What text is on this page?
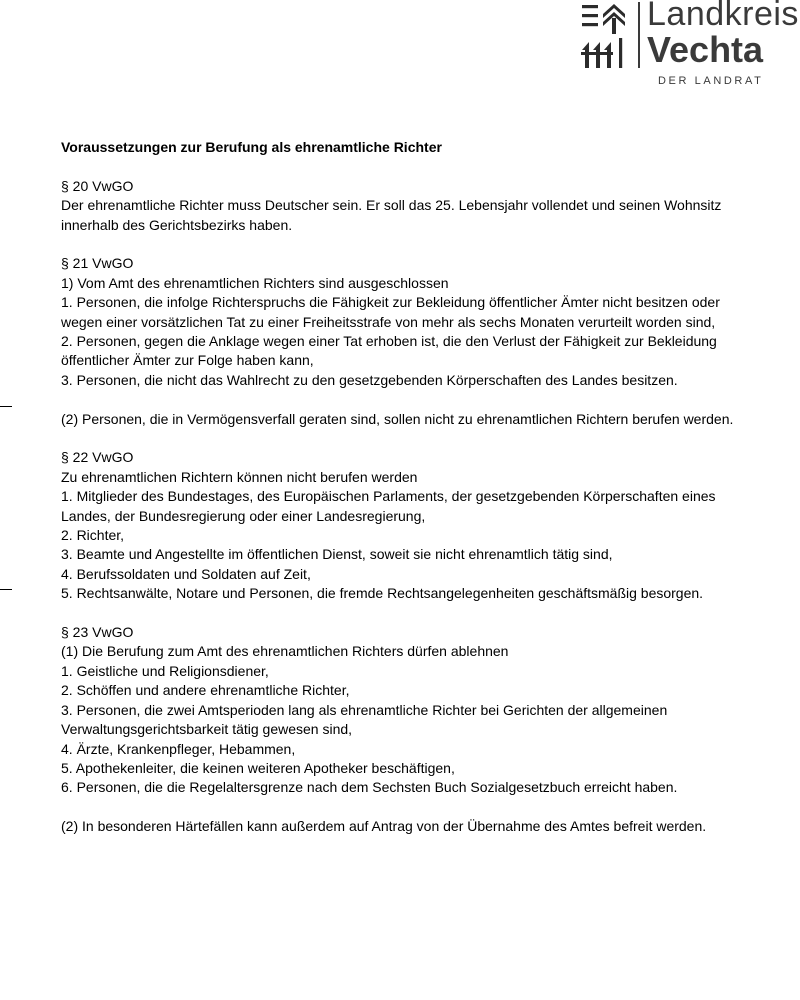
Landkreis
Vechta
DER LANDRAT

Voraussetzungen zur Berufung als ehrenamtliche Richter

§ 20 VwGO

Der ehrenamtliche Richter muss Deutscher sein. Er soll das 25. Lebensjahr vollendet und seinen Wohnsitz innerhalb des Gerichtsbezirks haben.

§ 21 VwGO

1) Vom Amt des ehrenamtlichen Richters sind ausgeschlossen

1. Personen, die infolge Richterspruchs die Fähigkeit zur Bekleidung öffentlicher Ämter nicht besitzen oder wegen einer vorsätzlichen Tat zu einer Freiheitsstrafe von mehr als sechs Monaten verurteilt worden sind,

2. Personen, gegen die Anklage wegen einer Tat erhoben ist, die den Verlust der Fähigkeit zur Bekleidung öffentlicher Ämter zur Folge haben kann,

3. Personen, die nicht das Wahlrecht zu den gesetzgebenden Körperschaften des Landes besitzen.

(2) Personen, die in Vermögensverfall geraten sind, sollen nicht zu ehrenamtlichen Richtern berufen werden.

§ 22 VwGO

Zu ehrenamtlichen Richtern können nicht berufen werden

1. Mitglieder des Bundestages, des Europäischen Parlaments, der gesetzgebenden Körperschaften eines Landes, der Bundesregierung oder einer Landesregierung,

2. Richter,

3. Beamte und Angestellte im öffentlichen Dienst, soweit sie nicht ehrenamtlich tätig sind,

4. Berufssoldaten und Soldaten auf Zeit,

5. Rechtsanwälte, Notare und Personen, die fremde Rechtsangelegenheiten geschäftsmäßig besorgen.

§ 23 VwGO

(1) Die Berufung zum Amt des ehrenamtlichen Richters dürfen ablehnen

1. Geistliche und Religionsdiener,

2. Schöffen und andere ehrenamtliche Richter,

3. Personen, die zwei Amtsperioden lang als ehrenamtliche Richter bei Gerichten der allgemeinen Verwaltungsgerichtsbarkeit tätig gewesen sind,

4. Ärzte, Krankenpfleger, Hebammen,

5. Apothekenleiter, die keinen weiteren Apotheker beschäftigen,

6. Personen, die die Regelaltersgrenze nach dem Sechsten Buch Sozialgesetzbuch erreicht haben.

(2) In besonderen Härtefällen kann außerdem auf Antrag von der Übernahme des Amtes befreit werden.
